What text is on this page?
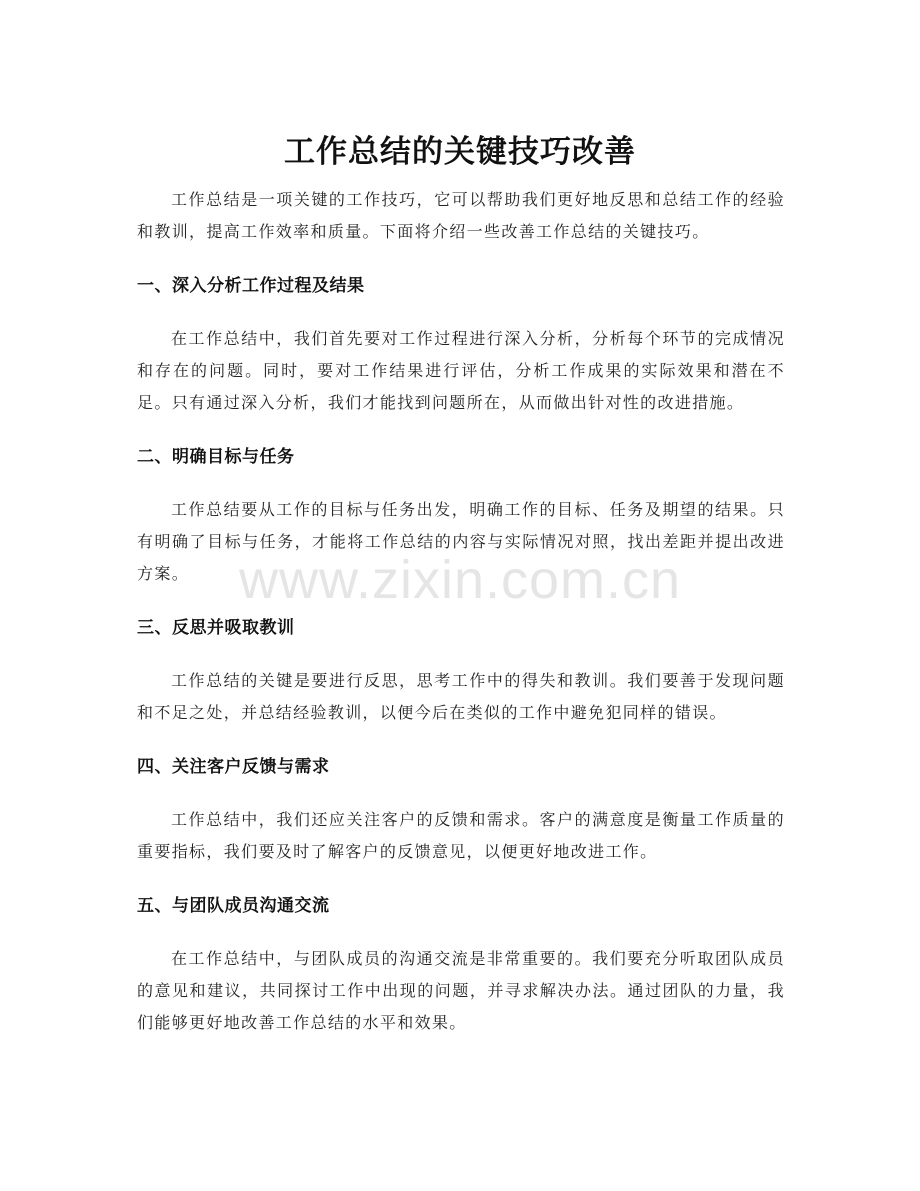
工作总结的关键技巧改善

工作总结是一项关键的工作技巧，它可以帮助我们更好地反思和总结工作的经验和教训，提高工作效率和质量。下面将介绍一些改善工作总结的关键技巧。

一、深入分析工作过程及结果

在工作总结中，我们首先要对工作过程进行深入分析，分析每个环节的完成情况和存在的问题。同时，要对工作结果进行评估，分析工作成果的实际效果和潜在不足。只有通过深入分析，我们才能找到问题所在，从而做出针对性的改进措施。

二、明确目标与任务

工作总结要从工作的目标与任务出发，明确工作的目标、任务及期望的结果。只有明确了目标与任务，才能将工作总结的内容与实际情况对照，找出差距并提出改进方案。

三、反思并吸取教训

工作总结的关键是要进行反思，思考工作中的得失和教训。我们要善于发现问题和不足之处，并总结经验教训，以便今后在类似的工作中避免犯同样的错误。

四、关注客户反馈与需求

工作总结中，我们还应关注客户的反馈和需求。客户的满意度是衡量工作质量的重要指标，我们要及时了解客户的反馈意见，以便更好地改进工作。

五、与团队成员沟通交流

在工作总结中，与团队成员的沟通交流是非常重要的。我们要充分听取团队成员的意见和建议，共同探讨工作中出现的问题，并寻求解决办法。通过团队的力量，我们能够更好地改善工作总结的水平和效果。

www.zixin.com.cn
